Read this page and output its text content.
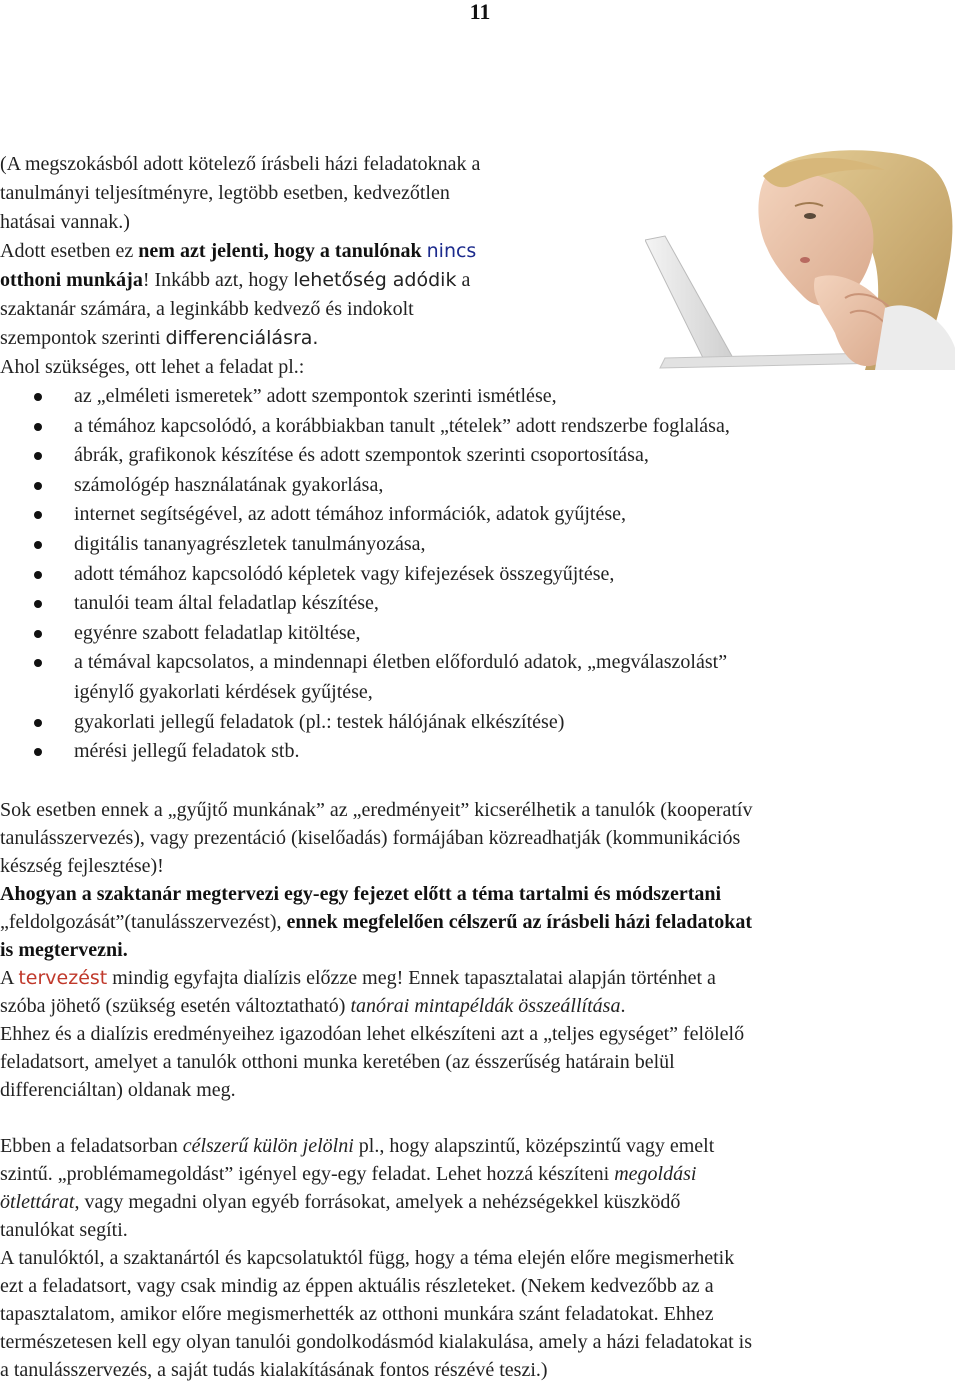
11
(A megszokásból adott kötelező írásbeli házi feladatoknak a
tanulmányi teljesítményre, legtöbb esetben, kedvezőtlen
hatásai vannak.)
Adott esetben ez nem azt jelenti, hogy a tanulónak nincs
otthoni munkája! Inkább azt, hogy lehetőség adódik a
szaktanár számára, a leginkább kedvező és indokolt
szempontok szerinti differenciálásra.
Ahol szükséges, ott lehet a feladat pl.:
az „elméleti ismeretek” adott szempontok szerinti ismétlése,
a témához kapcsolódó, a korábbiakban tanult „tételek” adott rendszerbe foglalása,
ábrák, grafikonok készítése és adott szempontok szerinti csoportosítása,
számológép használatának gyakorlása,
internet segítségével, az adott témához információk, adatok gyűjtése,
digitális tananyagrészletek tanulmányozása,
adott témához kapcsolódó képletek vagy kifejezések összegyűjtése,
tanulói team által feladatlap készítése,
egyénre szabott feladatlap kitöltése,
a témával kapcsolatos, a mindennapi életben előforduló adatok, „megválaszolást”
igénylő gyakorlati kérdések gyűjtése,
gyakorlati jellegű feladatok (pl.: testek hálójának elkészítése)
mérési jellegű feladatok stb.

Sok esetben ennek a „gyűjtő munkának” az „eredményeit” kicserélhetik a tanulók (kooperatív
tanulásszervezés), vagy prezentáció (kiselőadás) formájában közreadhatják (kommunikációs
készség fejlesztése)!

Ahogyan a szaktanár megtervezi egy-egy fejezet előtt a téma tartalmi és módszertani
„feldolgozását”(tanulásszervezést), ennek megfelelően célszerű az írásbeli házi feladatokat
is megtervezni.

A tervezést mindig egyfajta dialízis előzze meg! Ennek tapasztalatai alapján történhet a
szóba jöhető (szükség esetén változtatható) tanórai mintapéldák összeállítása.

Ehhez és a dialízis eredményeihez igazodóan lehet elkészíteni azt a „teljes egységet” felölelő
feladatsort, amelyet a tanulók otthoni munka keretében (az ésszerűség határain belül
differenciáltan) oldanak meg.

Ebben a feladatsorban célszerű külön jelölni pl., hogy alapszintű, középszintű vagy emelt
szintű. „problémamegoldást” igényel egy-egy feladat. Lehet hozzá készíteni megoldási
ötlettárat, vagy megadni olyan egyéb forrásokat, amelyek a nehézségekkel küszködő
tanulókat segíti.

A tanulóktól, a szaktanártól és kapcsolatuktól függ, hogy a téma elején előre megismerhetik
ezt a feladatsort, vagy csak mindig az éppen aktuális részleteket. (Nekem kedvezőbb az a
tapasztalatom, amikor előre megismerhették az otthoni munkára szánt feladatokat. Ehhez
természetesen kell egy olyan tanulói gondolkodásmód kialakulása, amely a házi feladatokat is
a tanulásszervezés, a saját tudás kialakításának fontos részévé teszi.)
